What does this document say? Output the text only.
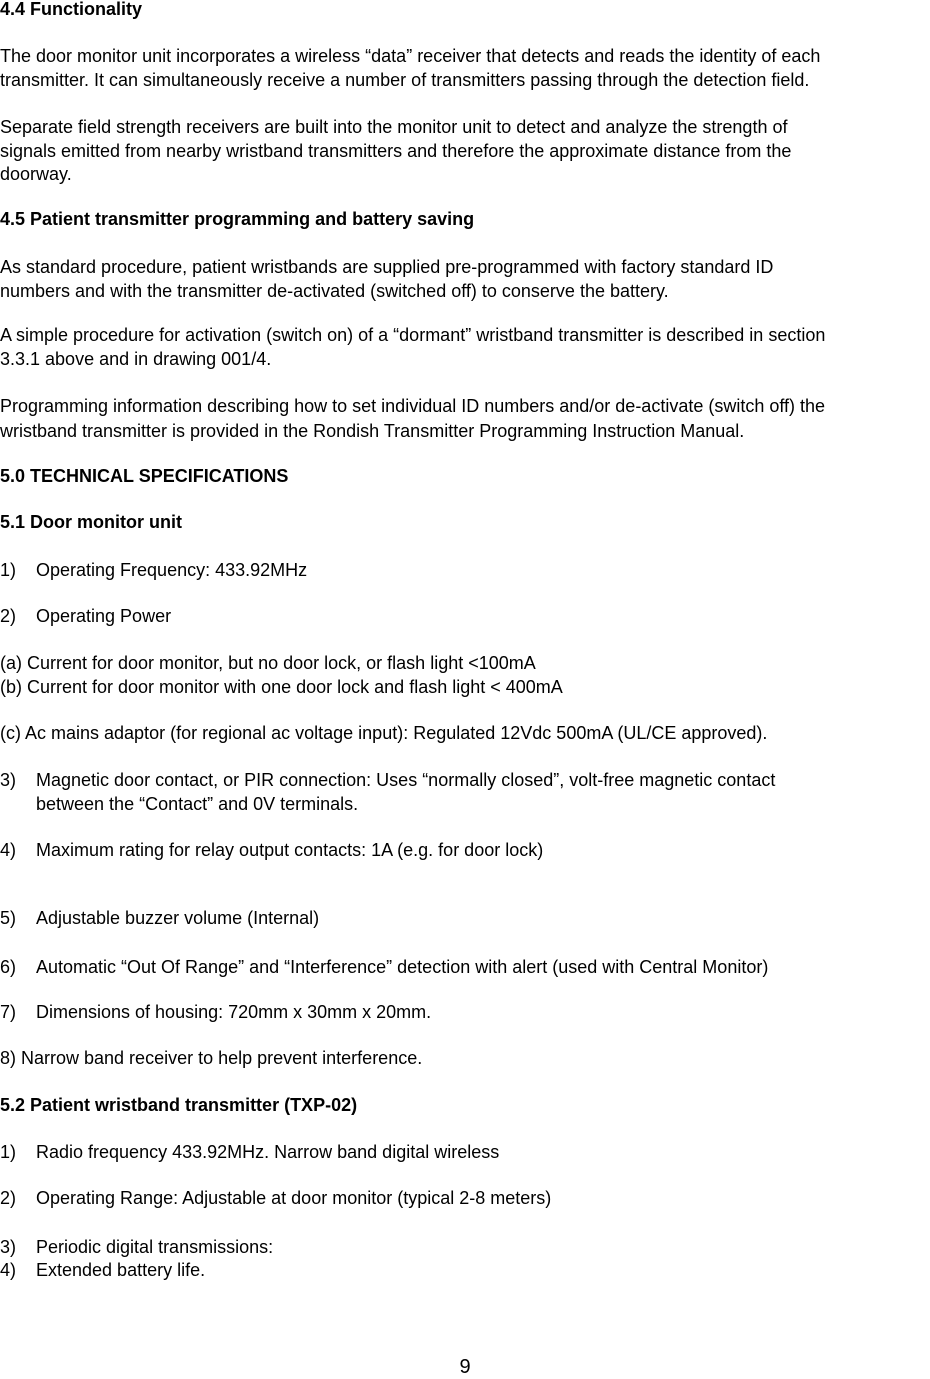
4.4 Functionality
The door monitor unit incorporates a wireless “data” receiver that detects and reads the identity of each
transmitter. It can simultaneously receive a number of transmitters passing through the detection field.
Separate field strength receivers are built into the monitor unit to detect and analyze the strength of
signals emitted from nearby wristband transmitters and therefore the approximate distance from the
doorway.
4.5 Patient transmitter programming and battery saving
As standard procedure, patient wristbands are supplied pre-programmed with factory standard ID
numbers and with the transmitter de-activated (switched off) to conserve the battery.
A simple procedure for activation (switch on) of a “dormant” wristband transmitter is described in section
3.3.1 above and in drawing 001/4.
Programming information describing how to set individual ID numbers and/or de-activate (switch off) the
wristband transmitter is provided in the Rondish Transmitter Programming Instruction Manual.
5.0 TECHNICAL SPECIFICATIONS
5.1 Door monitor unit
1) Operating Frequency: 433.92MHz
2) Operating Power
(a) Current for door monitor, but no door lock, or flash light <100mA
(b) Current for door monitor with one door lock and flash light < 400mA
(c) Ac mains adaptor (for regional ac voltage input): Regulated 12Vdc 500mA (UL/CE approved).
3) Magnetic door contact, or PIR connection: Uses “normally closed”, volt-free magnetic contact
between the “Contact” and 0V terminals.
4) Maximum rating for relay output contacts: 1A (e.g. for door lock)
5) Adjustable buzzer volume (Internal)
6) Automatic “Out Of Range” and “Interference” detection with alert (used with Central Monitor)
7) Dimensions of housing: 720mm x 30mm x 20mm.
8) Narrow band receiver to help prevent interference.
5.2 Patient wristband transmitter (TXP-02)
1) Radio frequency 433.92MHz. Narrow band digital wireless
2) Operating Range: Adjustable at door monitor (typical 2-8 meters)
3) Periodic digital transmissions:
4) Extended battery life.
9
